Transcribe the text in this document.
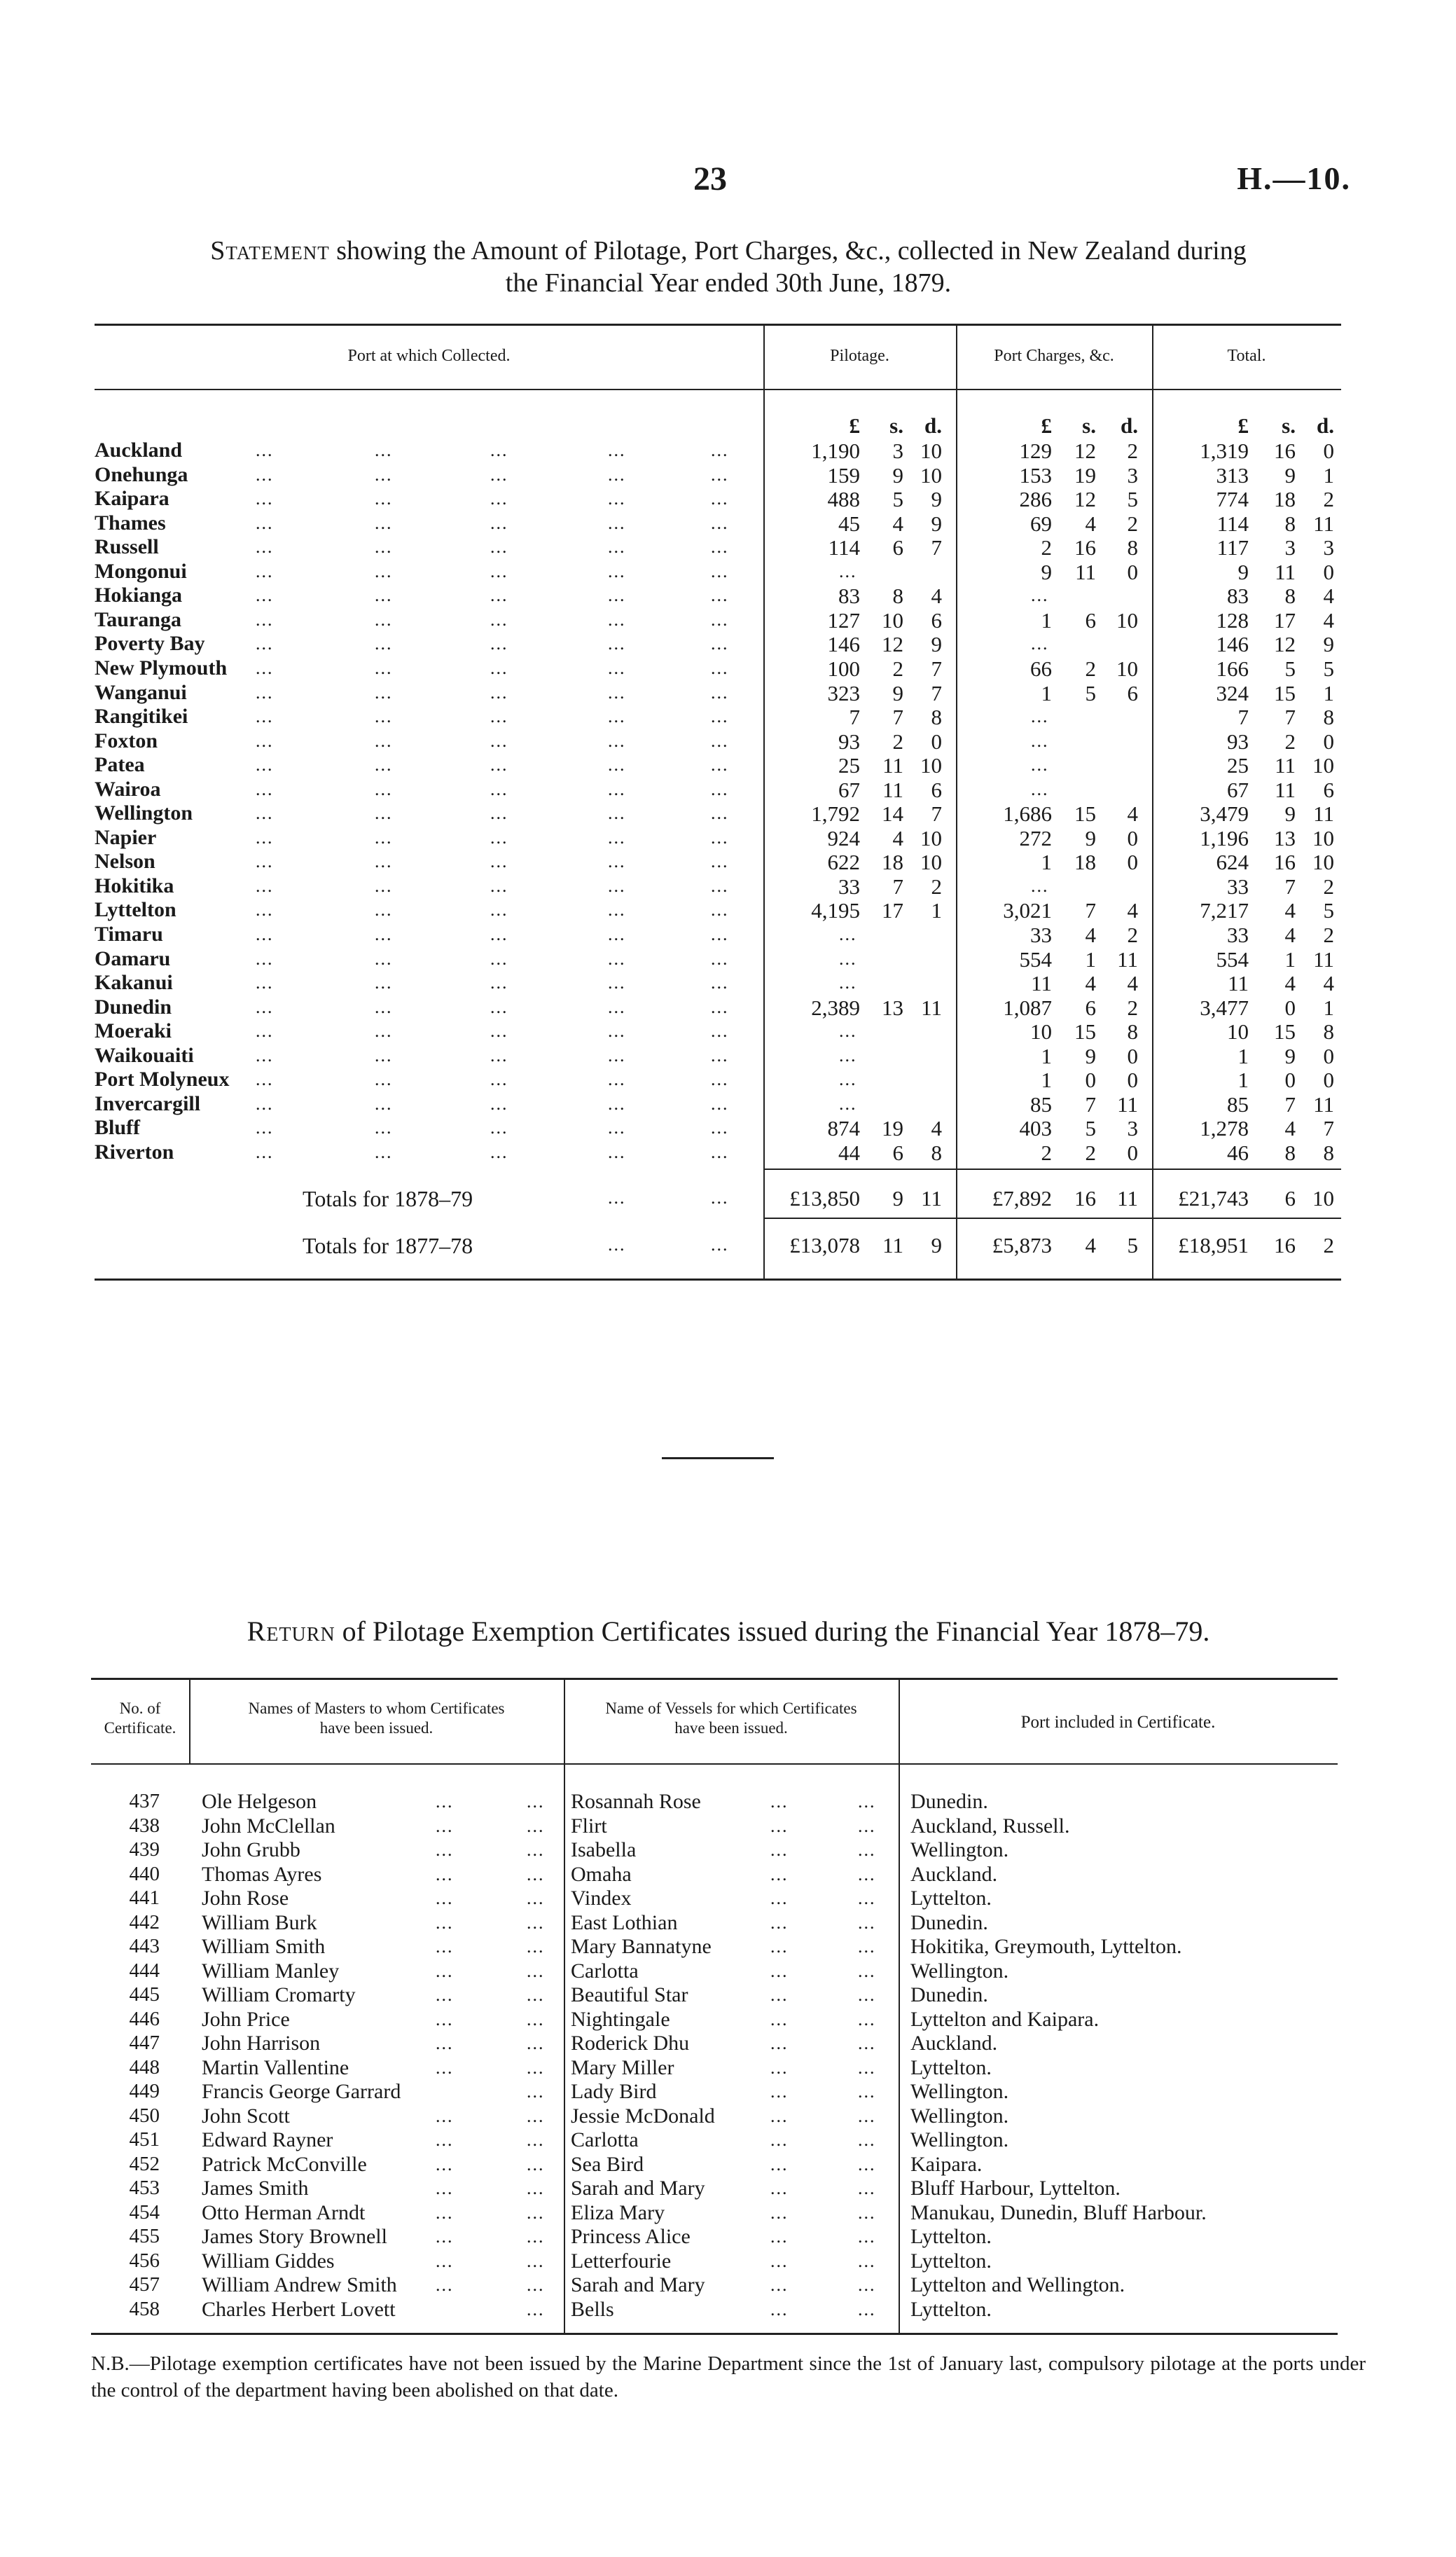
23	H.—10.
Statement showing the Amount of Pilotage, Port Charges, &c., collected in New Zealand during
the Financial Year ended 30th June, 1879.
Port at which Collected.	Pilotage.	Port Charges, &c.	Total.
£	s. d.	£	s.	d.	£	s. d.
Auckland	...	...	...	...	...	1,190	3 10	129	12	2	1,319	16	0
Onehunga	...	...	...	...	...	159	9 10	153	19	3	313	9	1
Kaipara	...	...	...	...	...	488	5	9	286	12	5	774	18	2
Thames	...	...	...	...	...	45	4	9	69	4	2	114	8 11
Russell	...	...	...	...	...	114	6	7	2	16	8	117	3	3
Mongonui	...	...	...	...	...	...	9	11	0	9	11	0
Hokianga	...	...	...	...	...	83	8	4	...	83	8	4
Tauranga	...	...	...	...	...	127	10	6	1	6 10	128	17	4
Poverty Bay	...	...	...	...	...	146	12	9	...	146	12	9
New Plymouth ...	...	...	...	...	100	2	7	66	2 10	166	5	5
Wanganui	...	...	...	...	...	323	9	7	1	5	6	324	15	1
Rangitikei	...	...	...	...	...	7	7	8	...	7	7	8
Foxton	...	...	...	...	...	93	2	0	...	93	2	0
Patea	...	...	...	...	...	25	11 10	...	25	11 10
Wairoa	...	...	...	...	...	67	11	6	...	67	11	6
Wellington	...	...	...	...	...	1,792	14	7	1,686	15	4	3,479	9 11
Napier	...	...	...	...	...	924	4 10	272	9	0	1,196	13 10
Nelson	...	...	...	...	...	622	18 10	1	18	0	624	16 10
Hokitika	...	...	...	...	...	33	7	2	...	33	7	2
Lyttelton	...	...	...	...	...	4,195	17	1	3,021	7	4	7,217	4	5
Timaru	...	...	...	...	...	...	33	4	2	33	4	2
Oamaru	...	...	...	...	...	...	554	1 11	554	1 11
Kakanui	...	...	...	...	...	...	11	4	4	11	4	4
Dunedin	...	...	...	...	...	2,389	13 11	1,087	6	2	3,477	0	1
Moeraki	...	...	...	...	...	...	10	15	8	10	15	8
Waikouaiti	...	...	...	...	...	...	1	9	0	1	9	0
Port Molyneux ...	...	...	...	...	...	1	0	0	1	0	0
Invercargill	...	...	...	...	...	...	85	7 11	85	7 11
Bluff	...	...	...	...	...	874	19	4	403	5	3	1,278	4	7
Riverton	...	...	...	...	...	44	6	8	2	2	0	46	8	8
Totals for 1878–79	...	...	£13,850	9 11	£7,892	16 11	£21,743	6 10
Totals for 1877–78	...	...	£13,078	11	9	£5,873	4	5	£18,951	16	2
Return of Pilotage Exemption Certificates issued during the Financial Year 1878–79.
No. of
Certificate.
Names of Masters to whom Certificates
have been issued.
Name of Vessels for which Certificates
have been issued.	Port included in Certificate.
437 Ole Helgeson	...	... Rosannah Rose	...	... Dunedin.
438 John McClellan	...	... Flirt	...	... Auckland, Russell.
439 John Grubb	...	... Isabella	...	... Wellington.
440 Thomas Ayres	...	... Omaha	...	... Auckland.
441 John Rose	...	... Vindex	...	... Lyttelton.
442 William Burk	...	... East Lothian	...	... Dunedin.
443 William Smith	...	... Mary Bannatyne	...	... Hokitika, Greymouth, Lyttelton.
444 William Manley	...	... Carlotta	...	... Wellington.
445 William Cromarty	...	... Beautiful Star	...	... Dunedin.
446 John Price	...	... Nightingale	...	... Lyttelton and Kaipara.
447 John Harrison	...	... Roderick Dhu	...	... Auckland.
448 Martin Vallentine	...	... Mary Miller	...	... Lyttelton.
449 Francis George Garrard	... Lady Bird	...	... Wellington.
450 John Scott	...	... Jessie McDonald	...	... Wellington.
451 Edward Rayner	...	... Carlotta	...	... Wellington.
452 Patrick McConville	...	... Sea Bird	...	... Kaipara.
453 James Smith	...	... Sarah and Mary	...	... Bluff Harbour, Lyttelton.
454 Otto Herman Arndt	...	... Eliza Mary	...	... Manukau, Dunedin, Bluff Harbour.
455 James Story Brownell	...	... Princess Alice	...	... Lyttelton.
456 William Giddes	...	... Letterfourie	...	... Lyttelton.
457 William Andrew Smith ...	... Sarah and Mary	...	... Lyttelton and Wellington.
458 Charles Herbert Lovett	... Bells	...	... Lyttelton.
N.B.—Pilotage exemption certificates have not been issued by the Marine Department since the 1st of January last, compulsory pilotage at the ports under the control of the department having been abolished on that date.
